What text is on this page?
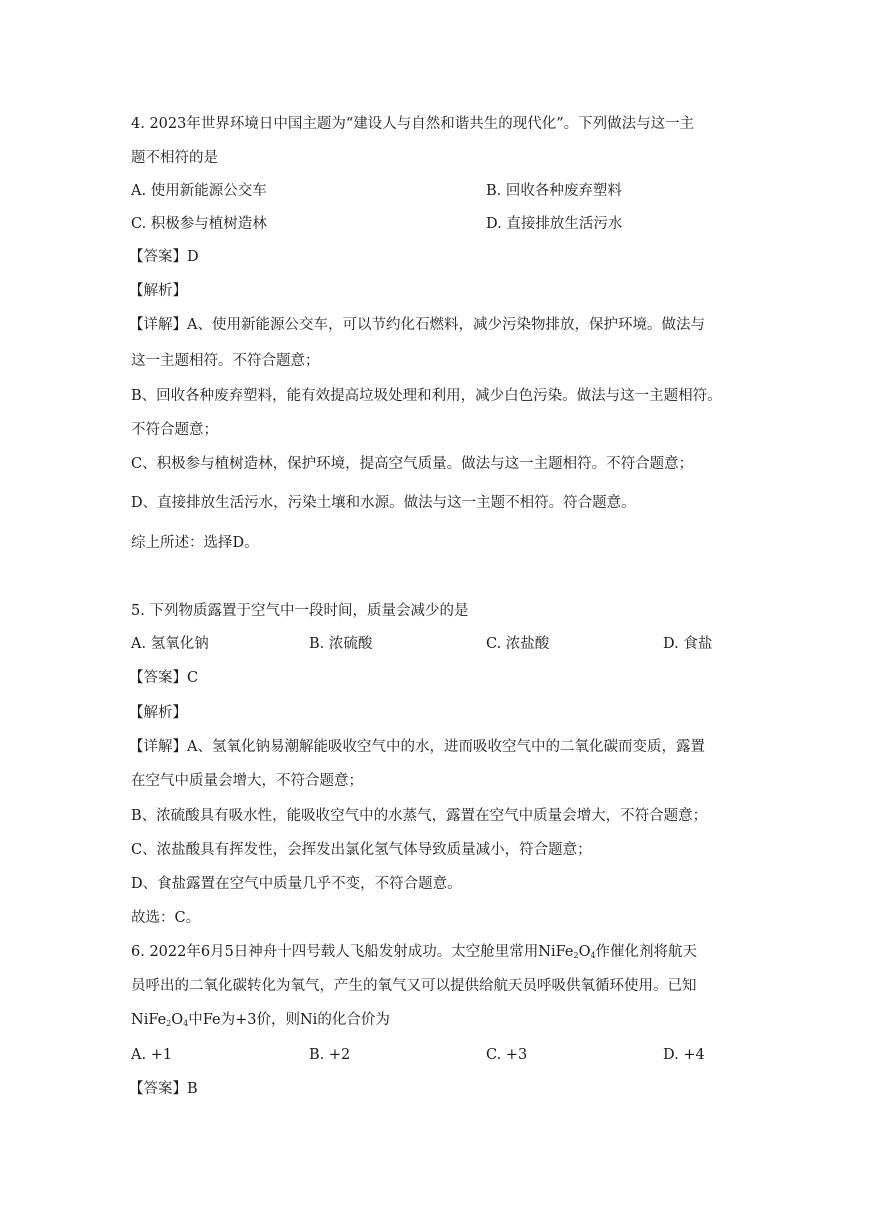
4. 2023年世界环境日中国主题为“建设人与自然和谐共生的现代化”。下列做法与这一主
题不相符的是
A. 使用新能源公交车	B. 回收各种废弃塑料
C. 积极参与植树造林	D. 直接排放生活污水
【答案】D
【解析】
【详解】A、使用新能源公交车，可以节约化石燃料，减少污染物排放，保护环境。做法与
这一主题相符。不符合题意；
B、回收各种废弃塑料，能有效提高垃圾处理和利用，减少白色污染。做法与这一主题相符。
不符合题意；
C、积极参与植树造林，保护环境，提高空气质量。做法与这一主题相符。不符合题意；
D、直接排放生活污水，污染土壤和水源。做法与这一主题不相符。符合题意。
综上所述：选择D。
5. 下列物质露置于空气中一段时间，质量会减少的是
A. 氢氧化钠	B. 浓硫酸	C. 浓盐酸	D. 食盐
【答案】C
【解析】
【详解】A、氢氧化钠易潮解能吸收空气中的水，进而吸收空气中的二氧化碳而变质，露置
在空气中质量会增大，不符合题意；
B、浓硫酸具有吸水性，能吸收空气中的水蒸气，露置在空气中质量会增大，不符合题意；
C、浓盐酸具有挥发性，会挥发出氯化氢气体导致质量减小，符合题意；
D、食盐露置在空气中质量几乎不变，不符合题意。
故选：C。
6. 2022年6月5日神舟十四号载人飞船发射成功。太空舱里常用$NiFe_2O_4$作催化剂将航天
员呼出的二氧化碳转化为氧气，产生的氧气又可以提供给航天员呼吸供氧循环使用。已知
$NiFe_2O_4$中Fe为+3价，则Ni的化合价为
A. +1	B. +2	C. +3	D. +4
【答案】B
